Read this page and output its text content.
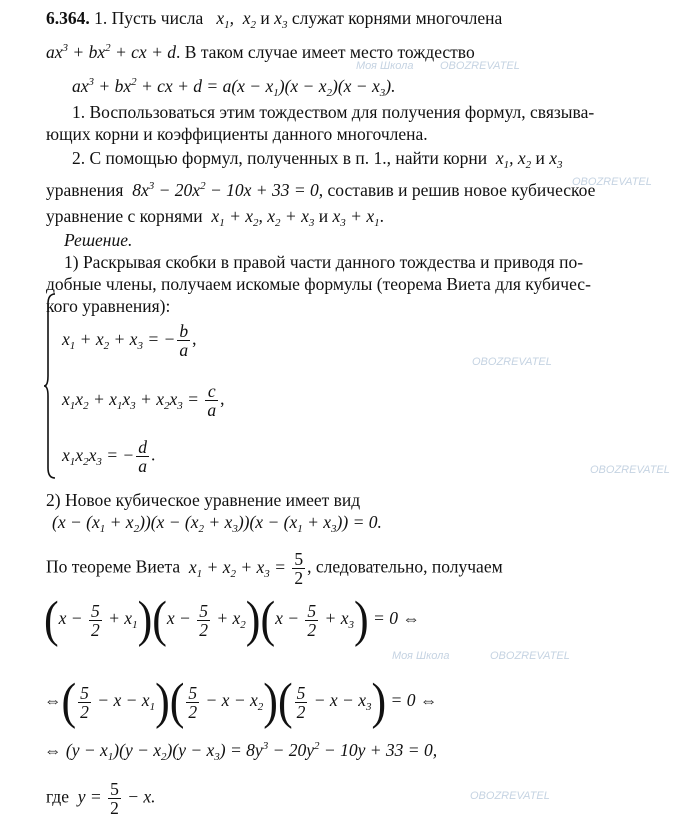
6.364. 1. Пусть числа   $x_1$,  $x_2$ и $x_3$ служат корнями многочлена
$ax^3 + bx^2$ + cx + d. В таком случае имеет место тождество
$ax^3 + bx^2$ + cx + $d = a(x - x_1)(x - x_2)(x - x_3)$.
1. Воспользоваться этим тождеством для получения формул, связыва-
ющих корни и коэффициенты данного многочлена.
2. С помощью формул, полученных в п. 1., найти корни  $x_1$, $x_2$ и $x_3$
уравнения  $8x^3 - 20x^2 - 10x + 33 = 0$, составив и решив новое кубическое
уравнение с корнями  $x_1 + x_2$, $x_2 + x_3$ и $x_3 + x_1$.
Решение.
1) Раскрывая скобки в правой части данного тождества и приводя по-
добные члены, получаем искомые формулы (теорема Виета для кубичес-
кого уравнения):
$x_1 + x_2 + x_3$ = − $\frac{b}{a}$ ,
$x_1x_2 + x_1x_3 + x_2x_3 = \frac{c}{a}$ ,
$x_1x_2x_3$ = − $\frac{d}{a}$ .
2) Новое кубическое уравнение имеет вид
$(x - (x_1 + x_2))(x - (x_2 + x_3))(x - (x_1 + x_3)) = 0$.
По теореме Виета  $x_1 + x_2 + x_3 = \frac{5}{2}$ , следовательно, получаем
$(x - \frac{5}{2} + x_1)(x - \frac{5}{2} + x_2)(x - \frac{5}{2} + x_3) = 0$ ⇔
⇔( $\frac{5}{2} - x - x_1)( \frac{5}{2} - x - x_2)( \frac{5}{2} - x - x_3) = 0$ ⇔
⇔ $(y - x_1)(y - x_2)(y - x_3) = 8y^3 - 20y^2 - 10y + 33 = 0$,
где  $y = \frac{5}{2} - x$.
Моя Школа OBOZREVATEL
OBOZREVATEL
OBOZREVATEL
OBOZREVATEL
Моя Школа	OBOZREVATEL
OBOZREVATEL
